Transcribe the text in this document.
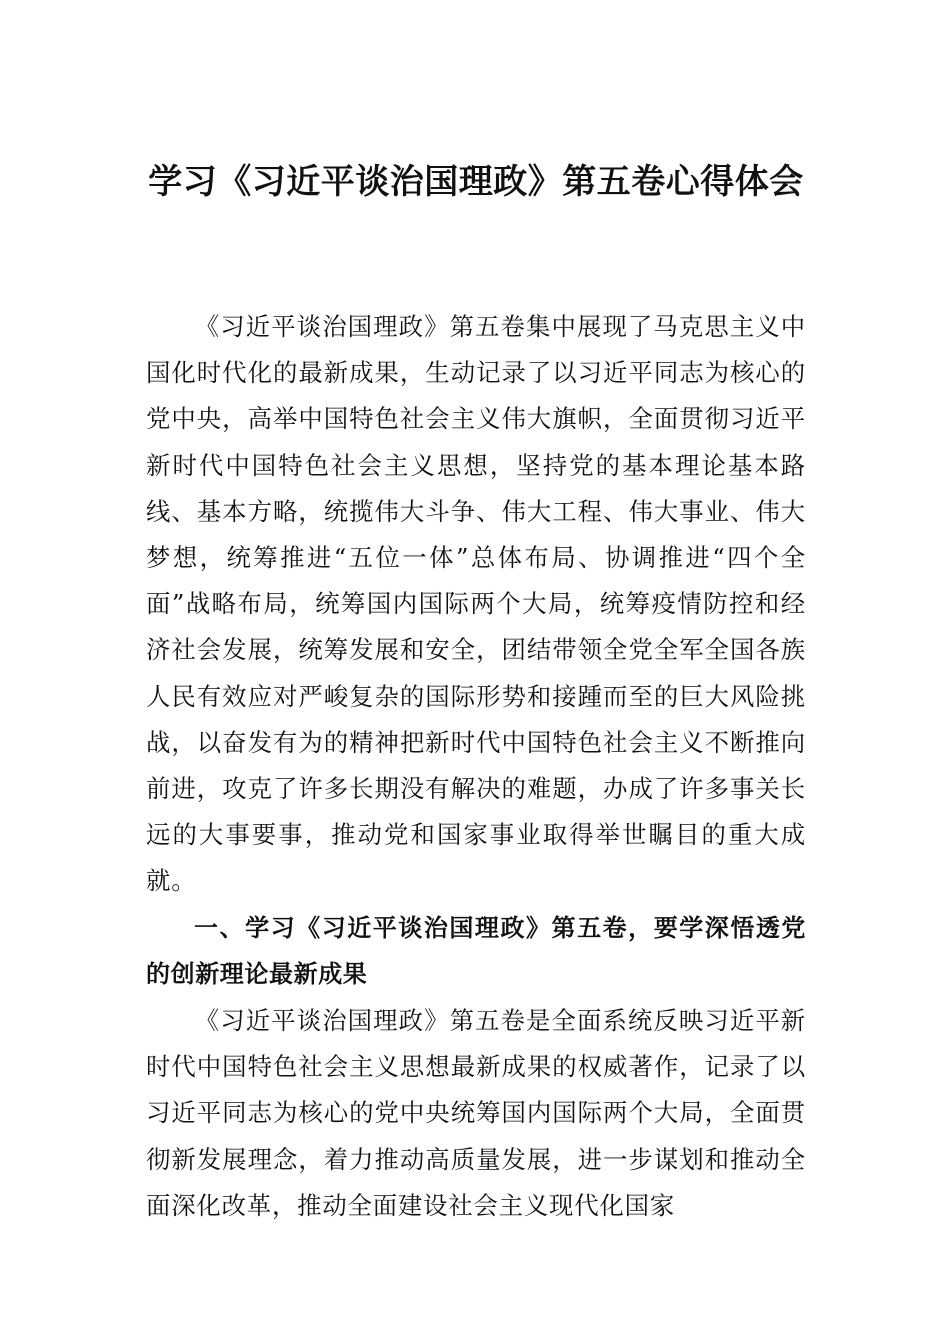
学习《习近平谈治国理政》第五卷心得体会

《习近平谈治国理政》第五卷集中展现了马克思主义中国化时代化的最新成果，生动记录了以习近平同志为核心的党中央，高举中国特色社会主义伟大旗帜，全面贯彻习近平新时代中国特色社会主义思想，坚持党的基本理论基本路线、基本方略，统揽伟大斗争、伟大工程、伟大事业、伟大梦想，统筹推进“五位一体”总体布局、协调推进“四个全面”战略布局，统筹国内国际两个大局，统筹疫情防控和经济社会发展，统筹发展和安全，团结带领全党全军全国各族人民有效应对严峻复杂的国际形势和接踵而至的巨大风险挑战，以奋发有为的精神把新时代中国特色社会主义不断推向前进，攻克了许多长期没有解决的难题，办成了许多事关长远的大事要事，推动党和国家事业取得举世瞩目的重大成就。

一、学习《习近平谈治国理政》第五卷，要学深悟透党的创新理论最新成果

《习近平谈治国理政》第五卷是全面系统反映习近平新时代中国特色社会主义思想最新成果的权威著作，记录了以习近平同志为核心的党中央统筹国内国际两个大局，全面贯彻新发展理念，着力推动高质量发展，进一步谋划和推动全面深化改革，推动全面建设社会主义现代化国家
